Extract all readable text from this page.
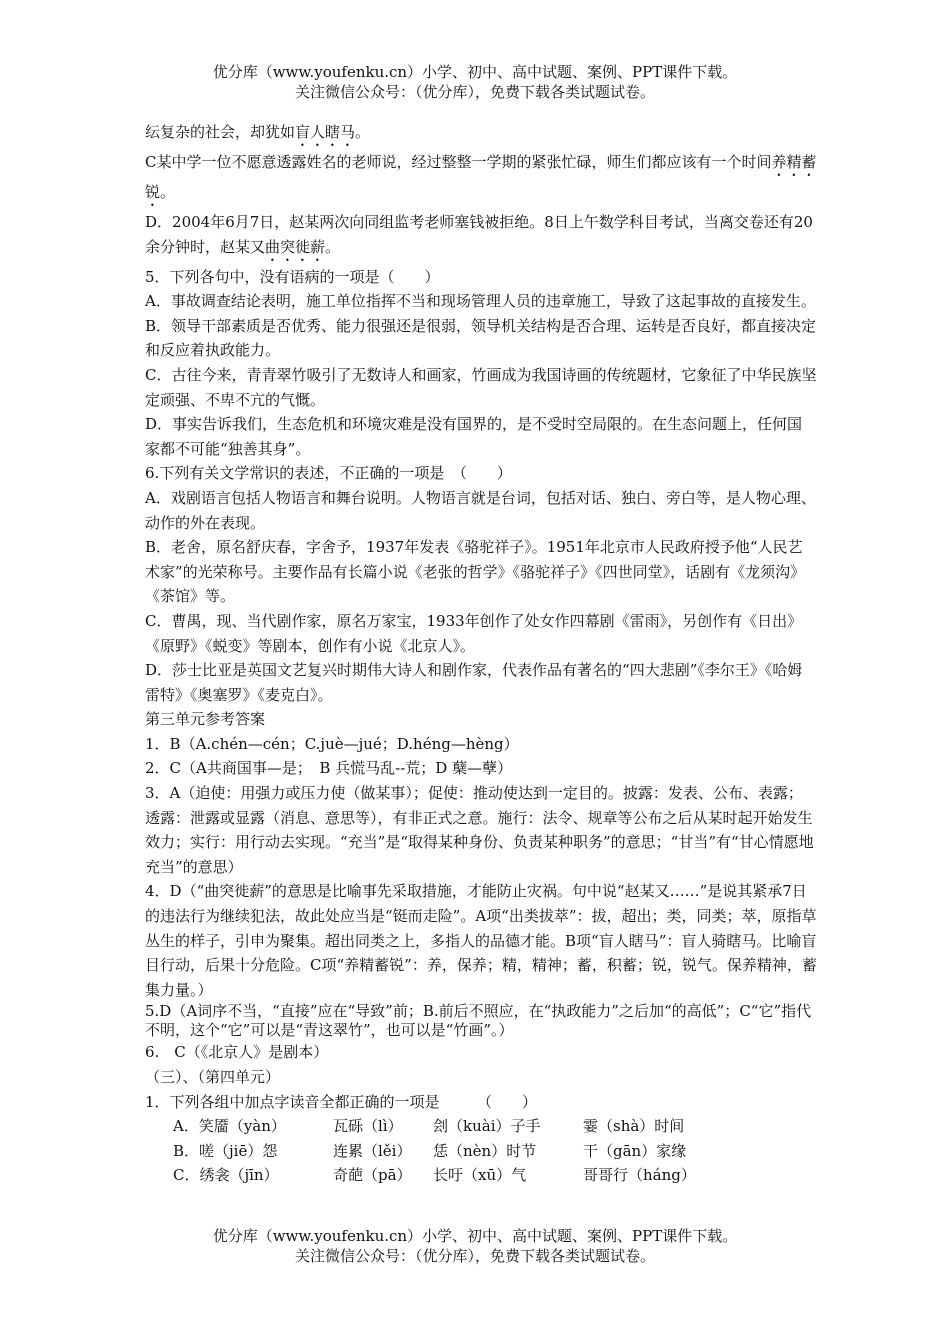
优分库（www.youfenku.cn）小学、初中、高中试题、案例、PPT课件下载。
关注微信公众号：（优分库），免费下载各类试题试卷。

纭复杂的社会，却犹如盲人瞎马。

C某中学一位不愿意透露姓名的老师说，经过整整一学期的紧张忙碌，师生们都应该有一个时间养精蓄锐。

D．2004年6月7日，赵某两次向同组监考老师塞钱被拒绝。8日上午数学科目考试，当离交卷还有20余分钟时，赵某又曲突徙薪。

5．下列各句中，没有语病的一项是（　　）

A．事故调查结论表明，施工单位指挥不当和现场管理人员的违章施工，导致了这起事故的直接发生。

B．领导干部素质是否优秀、能力很强还是很弱，领导机关结构是否合理、运转是否良好，都直接决定和反应着执政能力。

C．古往今来，青青翠竹吸引了无数诗人和画家，竹画成为我国诗画的传统题材，它象征了中华民族坚定顽强、不卑不亢的气慨。

D．事实告诉我们，生态危机和环境灾难是没有国界的，是不受时空局限的。在生态问题上，任何国家都不可能“独善其身”。

6.下列有关文学常识的表述，不正确的一项是　（　　）

A．戏剧语言包括人物语言和舞台说明。人物语言就是台词，包括对话、独白、旁白等，是人物心理、动作的外在表现。

B．老舍，原名舒庆春，字舍予，1937年发表《骆驼祥子》。1951年北京市人民政府授予他“人民艺术家”的光荣称号。主要作品有长篇小说《老张的哲学》《骆驼祥子》《四世同堂》，话剧有《龙须沟》《茶馆》等。

C．曹禺，现、当代剧作家，原名万家宝，1933年创作了处女作四幕剧《雷雨》，另创作有《日出》《原野》《蜕变》等剧本，创作有小说《北京人》。

D．莎士比亚是英国文艺复兴时期伟大诗人和剧作家，代表作品有著名的“四大悲剧”《李尔王》《哈姆雷特》《奥塞罗》《麦克白》。

第三单元参考答案

1．B（A.chén—cén；C.juè—jué；D.héng—hèng）

2．C（A共商国事—是；　B 兵慌马乱--荒；D 蘖—孽）

3．A（迫使：用强力或压力使（做某事）；促使：推动使达到一定目的。披露：发表、公布、表露；透露：泄露或显露（消息、意思等），有非正式之意。施行：法令、规章等公布之后从某时起开始发生效力；实行：用行动去实现。“充当”是“取得某种身份、负责某种职务”的意思；“甘当”有“甘心情愿地充当”的意思）

4．D（“曲突徙薪”的意思是比喻事先采取措施，才能防止灾祸。句中说“赵某又……”是说其紧承7日的违法行为继续犯法，故此处应当是“铤而走险”。A项“出类拔萃”：拔，超出；类，同类；萃，原指草丛生的样子，引申为聚集。超出同类之上，多指人的品德才能。B项“盲人瞎马”：盲人骑瞎马。比喻盲目行动，后果十分危险。C项“养精蓄锐”：养，保养；精，精神；蓄，积蓄；锐，锐气。保养精神，蓄集力量。）

5.D（A词序不当，“直接”应在“导致”前；B.前后不照应，在“执政能力”之后加“的高低”；C“它”指代不明，这个“它”可以是“青这翠竹”，也可以是“竹画”。）

6.　C（《北京人》是剧本）

（三）、（第四单元）

1．下列各组中加点字读音全都正确的一项是　　　（　　）

A．笑靥（yàn）	瓦砾（lì） 刽（kuài）子手	霎（shà）时间

B．嗟（jiē）怨	连累（lěi） 恁（nèn）时节	干（gān）家缘

C．绣衾（jīn）	奇葩（pā） 长吁（xū）气	哥哥行（háng）

优分库（www.youfenku.cn）小学、初中、高中试题、案例、PPT课件下载。
关注微信公众号：（优分库），免费下载各类试题试卷。
